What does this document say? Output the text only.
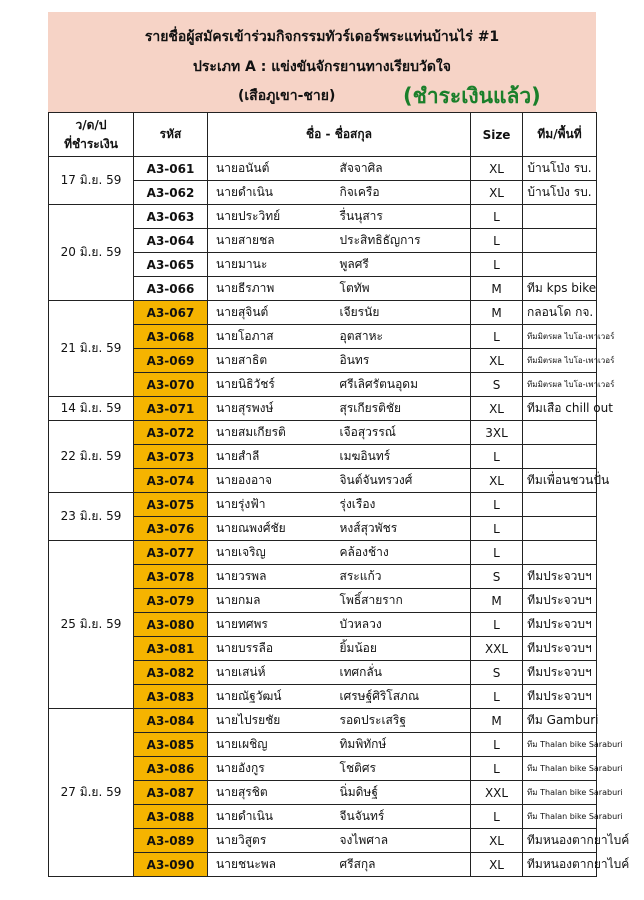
รายชื่อผู้สมัครเข้าร่วมกิจกรรมทัวร์เดอร์พระแท่นบ้านไร่ #1
ประเภท A : แข่งขันจักรยานทางเรียบวัดใจ
(เสือภูเขา-ชาย)	(ชำระเงินแล้ว)
ว/ด/ป
ที่ชำระเงิน	รหัส	ชื่อ - ชื่อสกุล		Size	ทีม/พื้นที่
17 มิ.ย. 59	A3-061	นายอนันต์	สัจจาศิล	XL	บ้านโป่ง รบ.
	A3-062	นายดำเนิน	กิจเครือ	XL	บ้านโป่ง รบ.
20 มิ.ย. 59	A3-063	นายประวิทย์	รื่นนุสาร	L	
	A3-064	นายสายชล	ประสิทธิธัญการ	L	
	A3-065	นายมานะ	พูลศรี	L	
	A3-066	นายธีรภาพ	โตทัพ	M	ทีม kps bike
21 มิ.ย. 59	A3-067	นายสุจินต์	เจียรนัย	M	กลอนโด กจ.
	A3-068	นายโอภาส	อุตสาหะ	L	ทีมมิตรผล ไบโอ-เพาเวอร์
	A3-069	นายสาธิต	อินทร	XL	ทีมมิตรผล ไบโอ-เพาเวอร์
	A3-070	นายนิธิวัชร์	ศรีเลิศรัตนอุดม	S	ทีมมิตรผล ไบโอ-เพาเวอร์
14 มิ.ย. 59	A3-071	นายสุรพงษ์	สุรเกียรติชัย	XL	ทีมเสือ chill out
22 มิ.ย. 59	A3-072	นายสมเกียรติ	เจือสุวรรณ์	3XL	
	A3-073	นายสำลี	เมฆอินทร์	L	
	A3-074	นายองอาจ	จินต์จันทรวงศ์	XL	ทีมเพื่อนชวนปั่น
23 มิ.ย. 59	A3-075	นายรุ่งฟ้า	รุ่งเรือง	L	
	A3-076	นายณพงศ์ชัย	หงส์สุวพัชร	L	
25 มิ.ย. 59	A3-077	นายเจริญ	คล้องช้าง	L	
	A3-078	นายวรพล	สระแก้ว	S	ทีมประจวบฯ
	A3-079	นายกมล	โพธิ์สายราก	M	ทีมประจวบฯ
	A3-080	นายทศพร	บัวหลวง	L	ทีมประจวบฯ
	A3-081	นายบรรลือ	ยิ้มน้อย	XXL	ทีมประจวบฯ
	A3-082	นายเสน่ห์	เทศกลั่น	S	ทีมประจวบฯ
	A3-083	นายณัฐวัฒน์	เศรษฐ์ศิริโสภณ	L	ทีมประจวบฯ
27 มิ.ย. 59	A3-084	นายไปรยชัย	รอดประเสริฐ	M	ทีม Gamburi
	A3-085	นายเผชิญ	ทิมพิทักษ์	L	ทีม Thalan bike Saraburi
	A3-086	นายอังกูร	โชติศร	L	ทีม Thalan bike Saraburi
	A3-087	นายสุรชิต	นิ่มดิษฐ์	XXL	ทีม Thalan bike Saraburi
	A3-088	นายดำเนิน	จีนจันทร์	L	ทีม Thalan bike Saraburi
	A3-089	นายวิสูตร	จงไพศาล	XL	ทีมหนองตากยาไบค์
	A3-090	นายชนะพล	ศรีสกุล	XL	ทีมหนองตากยาไบค์
